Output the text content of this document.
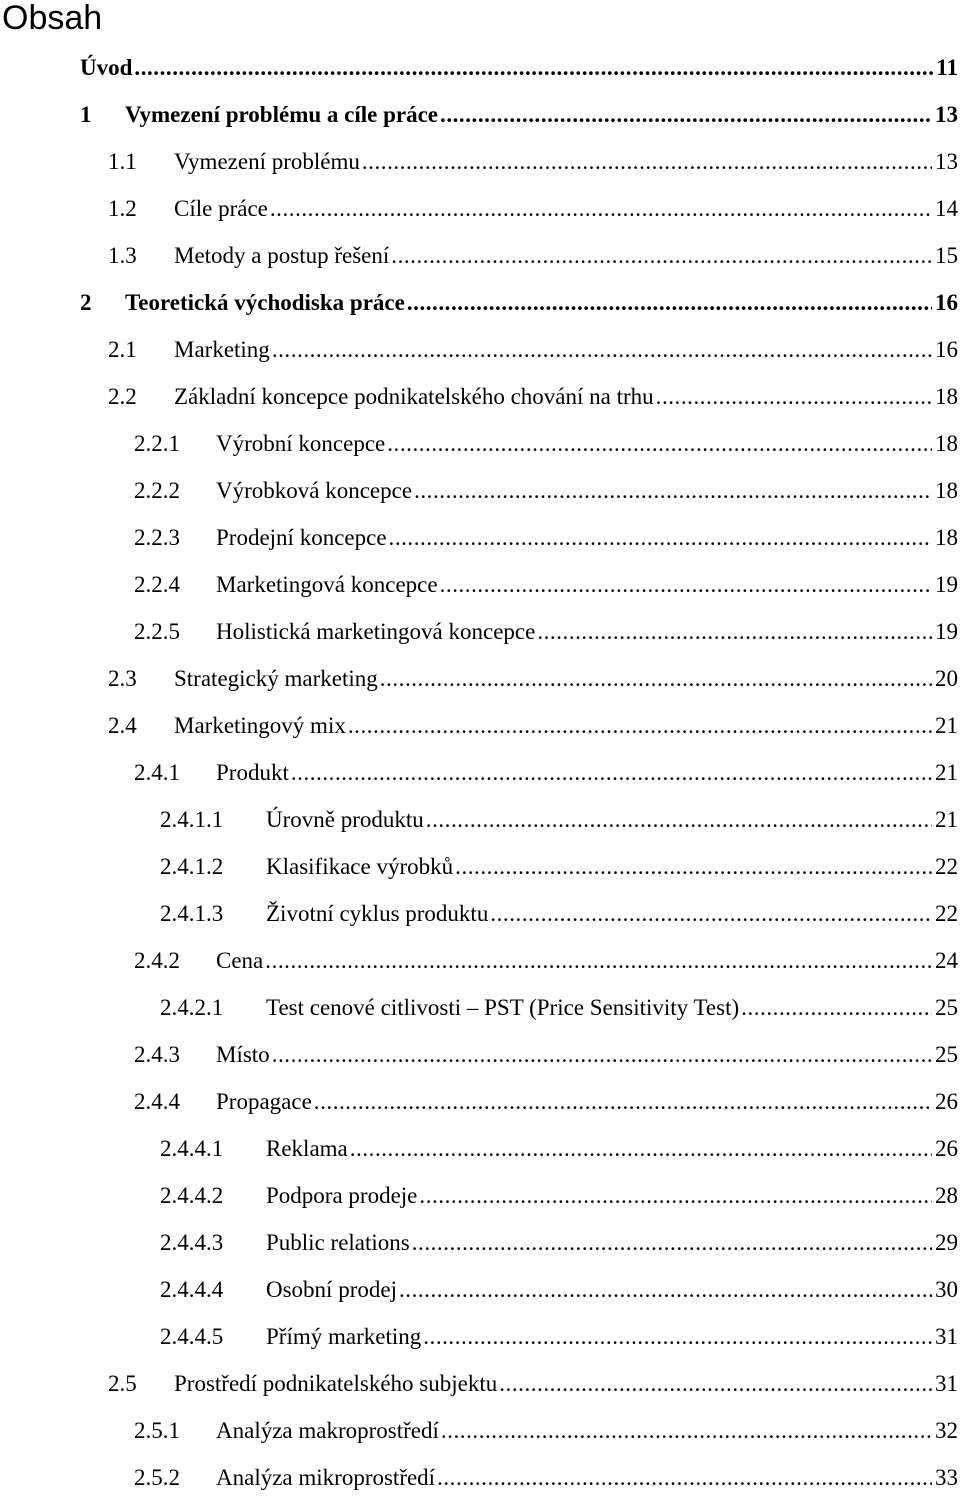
Obsah
Úvod . . .	11
1	Vymezení problému a cíle práce . . .	13
1.1	Vymezení problému . . .	13
1.2	Cíle práce . . .	14
1.3	Metody a postup řešení . . .	15
2	Teoretická východiska práce . . .	16
2.1	Marketing . . .	16
2.2	Základní koncepce podnikatelského chování na trhu . . .	18
2.2.1	Výrobní koncepce . . .	18
2.2.2	Výrobková koncepce . . .	18
2.2.3	Prodejní koncepce . . .	18
2.2.4	Marketingová koncepce . . .	19
2.2.5	Holistická marketingová koncepce . . .	19
2.3	Strategický marketing . . .	20
2.4	Marketingový mix . . .	21
2.4.1	Produkt . . .	21
2.4.1.1	Úrovně produktu . . .	21
2.4.1.2	Klasifikace výrobků . . .	22
2.4.1.3	Životní cyklus produktu . . .	22
2.4.2	Cena . . .	24
2.4.2.1	Test cenové citlivosti – PST (Price Sensitivity Test) . . .	25
2.4.3	Místo . . .	25
2.4.4	Propagace . . .	26
2.4.4.1	Reklama . . .	26
2.4.4.2	Podpora prodeje . . .	28
2.4.4.3	Public relations . . .	29
2.4.4.4	Osobní prodej . . .	30
2.4.4.5	Přímý marketing . . .	31
2.5	Prostředí podnikatelského subjektu . . .	31
2.5.1	Analýza makroprostředí . . .	32
2.5.2	Analýza mikroprostředí . . .	33
